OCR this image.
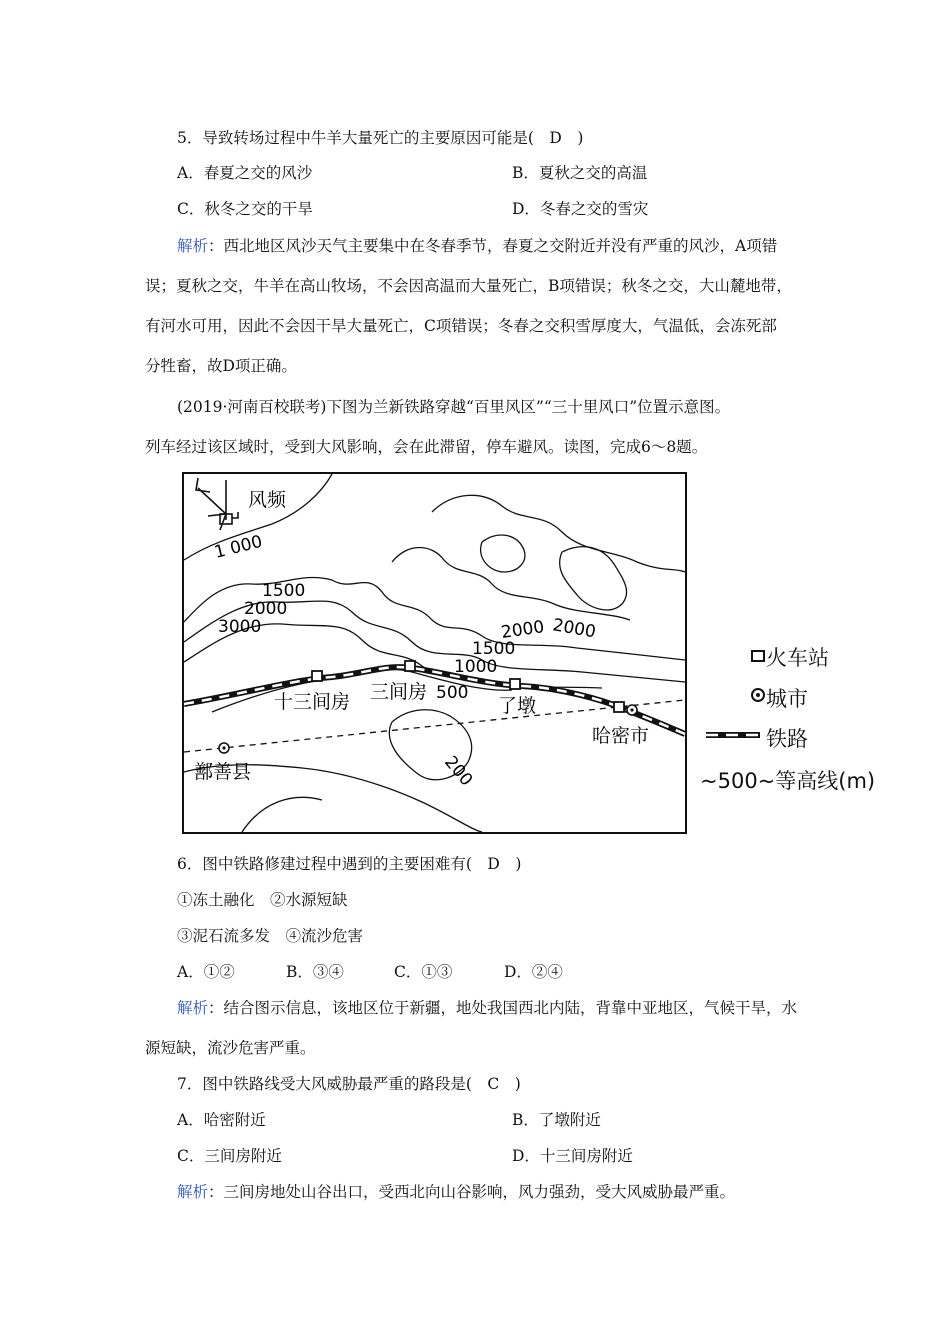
5．导致转场过程中牛羊大量死亡的主要原因可能是(　D　)
A．春夏之交的风沙	B．夏秋之交的高温
C．秋冬之交的干旱	D．冬春之交的雪灾
解析：西北地区风沙天气主要集中在冬春季节，春夏之交附近并没有严重的风沙，A项错
误；夏秋之交，牛羊在高山牧场，不会因高温而大量死亡，B项错误；秋冬之交，大山麓地带，
有河水可用，因此不会因干旱大量死亡，C项错误；冬春之交积雪厚度大，气温低，会冻死部
分牲畜，故D项正确。
(2019·河南百校联考)下图为兰新铁路穿越“百里风区”“三十里风口”位置示意图。
列车经过该区域时，受到大风影响，会在此滞留，停车避风。读图，完成6～8题。
风频
1 000
1500
2000
3000	2000 2000
1500
1000
500
200
十三间房 三间房
了墩
哈密市
鄯善县
火车站
城市
铁路
~500~等高线(m)
6．图中铁路修建过程中遇到的主要困难有(　D　)
①冻土融化　②水源短缺
③泥石流多发　④流沙危害
A．①②	B．③④	C．①③	D．②④
解析：结合图示信息，该地区位于新疆，地处我国西北内陆，背靠中亚地区，气候干旱，水
源短缺，流沙危害严重。
7．图中铁路线受大风威胁最严重的路段是(　C　)
A．哈密附近	B．了墩附近
C．三间房附近	D．十三间房附近
解析：三间房地处山谷出口，受西北向山谷影响，风力强劲，受大风威胁最严重。
